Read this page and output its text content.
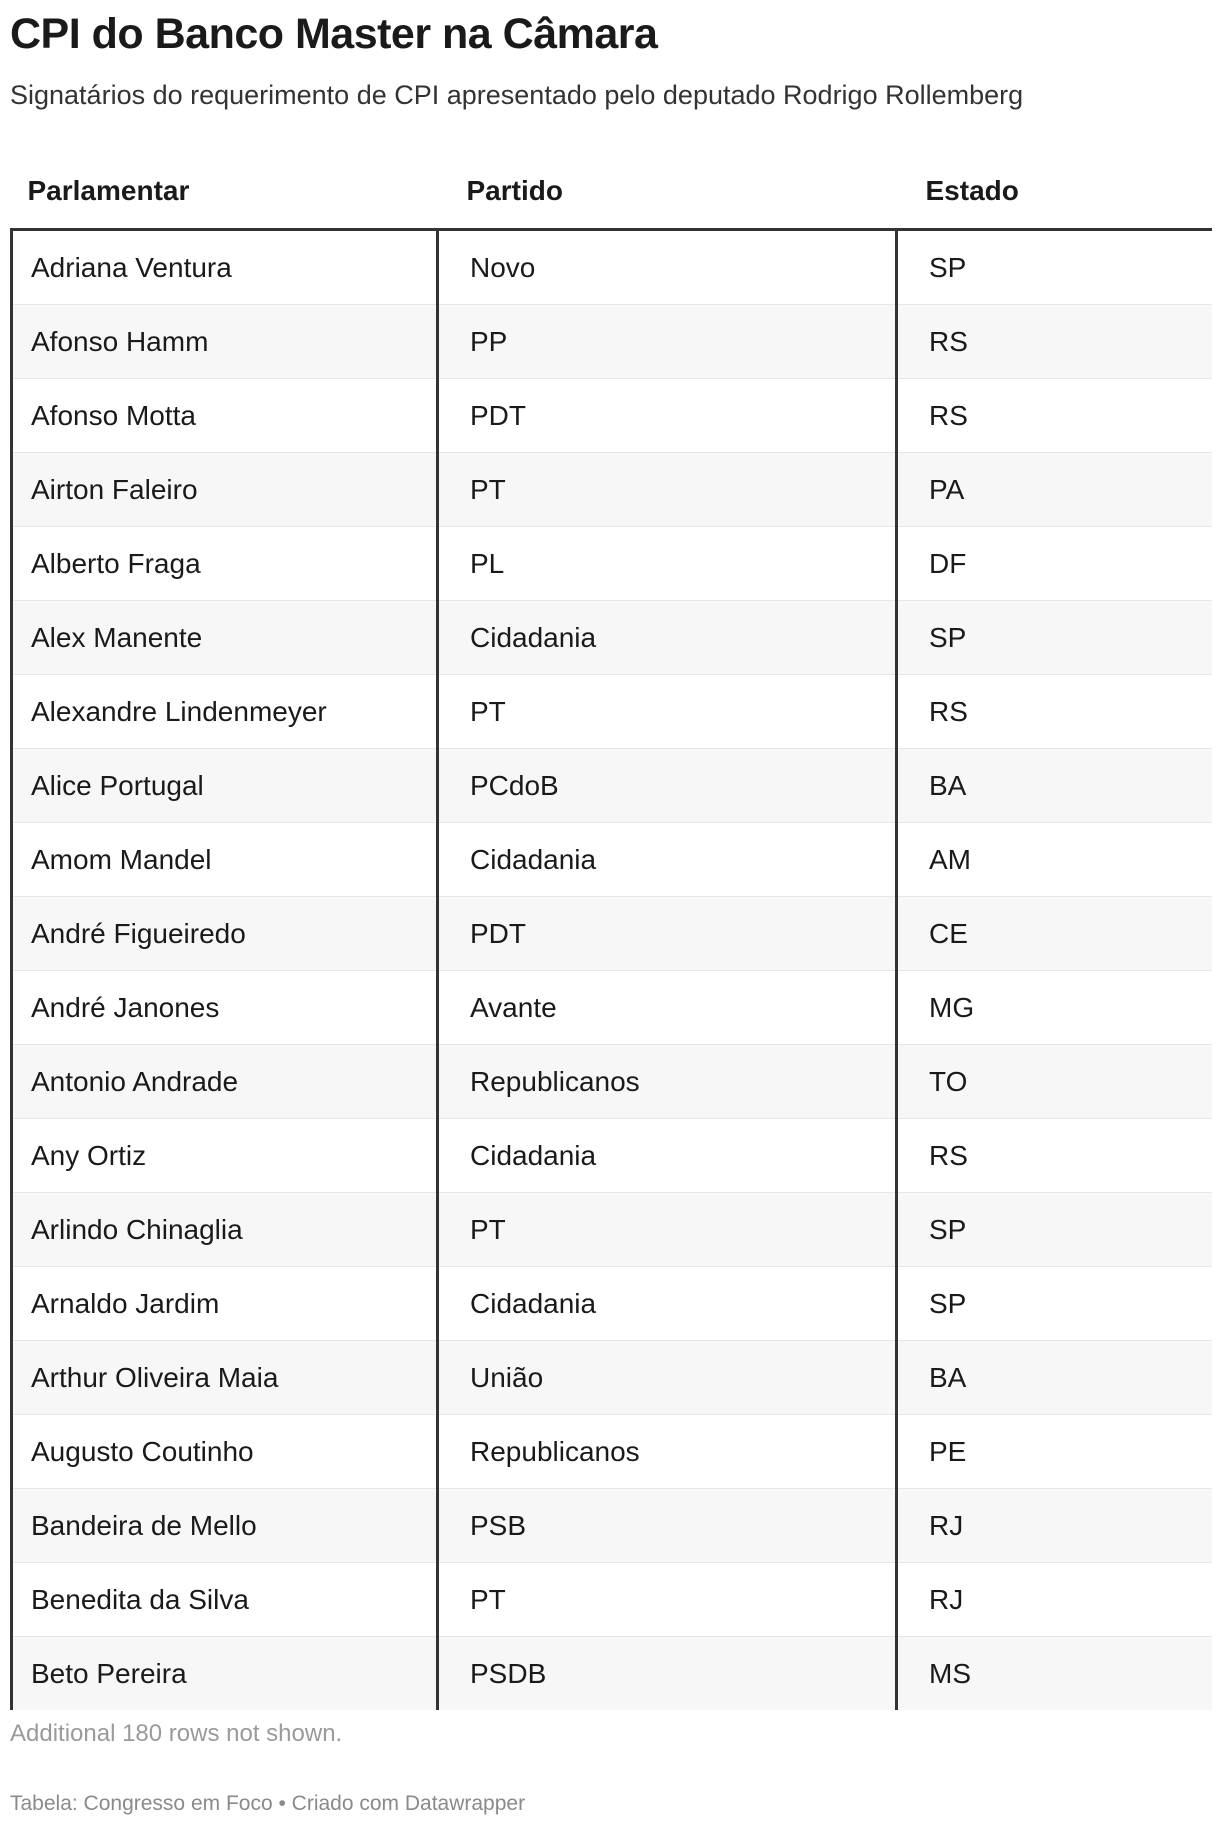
CPI do Banco Master na Câmara
Signatários do requerimento de CPI apresentado pelo deputado Rodrigo Rollemberg
Parlamentar	Partido	Estado
Adriana Ventura	Novo	SP
Afonso Hamm	PP	RS
Afonso Motta	PDT	RS
Airton Faleiro	PT	PA
Alberto Fraga	PL	DF
Alex Manente	Cidadania	SP
Alexandre Lindenmeyer	PT	RS
Alice Portugal	PCdoB	BA
Amom Mandel	Cidadania	AM
André Figueiredo	PDT	CE
André Janones	Avante	MG
Antonio Andrade	Republicanos	TO
Any Ortiz	Cidadania	RS
Arlindo Chinaglia	PT	SP
Arnaldo Jardim	Cidadania	SP
Arthur Oliveira Maia	União	BA
Augusto Coutinho	Republicanos	PE
Bandeira de Mello	PSB	RJ
Benedita da Silva	PT	RJ
Beto Pereira	PSDB	MS
Additional 180 rows not shown.
Tabela: Congresso em Foco • Criado com Datawrapper
